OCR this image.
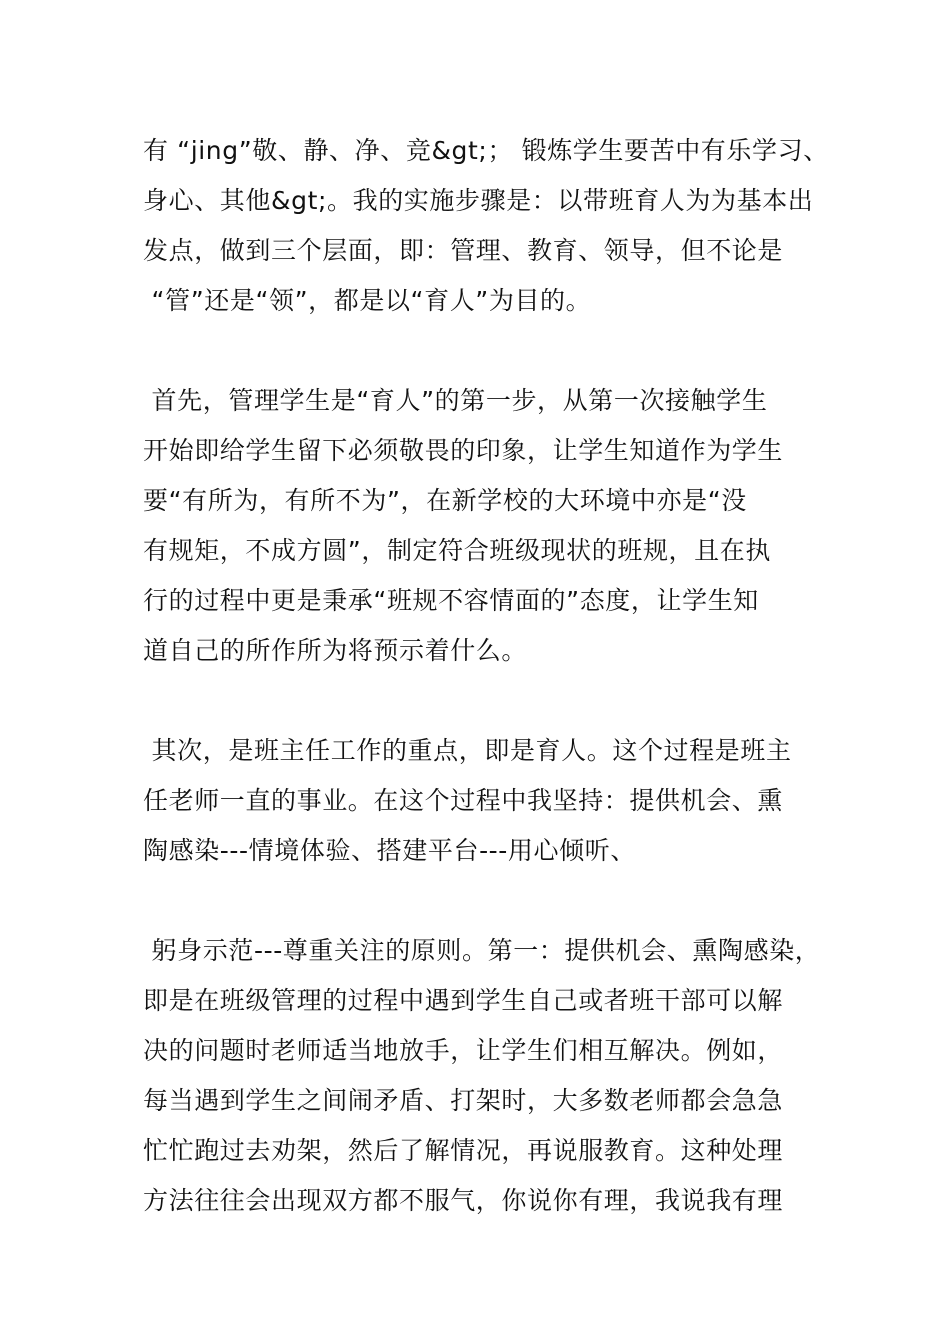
有 “jing”敬、静、净、竞&gt;； 锻炼学生要苦中有乐学习、
身心、其他&gt;。我的实施步骤是：以带班育人为为基本出
发点，做到三个层面，即：管理、教育、领导，但不论是
“管”还是“领”，都是以“育人”为目的。
首先，管理学生是“育人”的第一步，从第一次接触学生
开始即给学生留下必须敬畏的印象，让学生知道作为学生
要“有所为，有所不为”，在新学校的大环境中亦是“没
有规矩，不成方圆”，制定符合班级现状的班规，且在执
行的过程中更是秉承“班规不容情面的”态度，让学生知
道自己的所作所为将预示着什么。
其次，是班主任工作的重点，即是育人。这个过程是班主
任老师一直的事业。在这个过程中我坚持：提供机会、熏
陶感染---情境体验、搭建平台---用心倾听、
躬身示范---尊重关注的原则。第一：提供机会、熏陶感染，
即是在班级管理的过程中遇到学生自己或者班干部可以解
决的问题时老师适当地放手，让学生们相互解决。例如，
每当遇到学生之间闹矛盾、打架时，大多数老师都会急急
忙忙跑过去劝架，然后了解情况，再说服教育。这种处理
方法往往会出现双方都不服气，你说你有理，我说我有理
